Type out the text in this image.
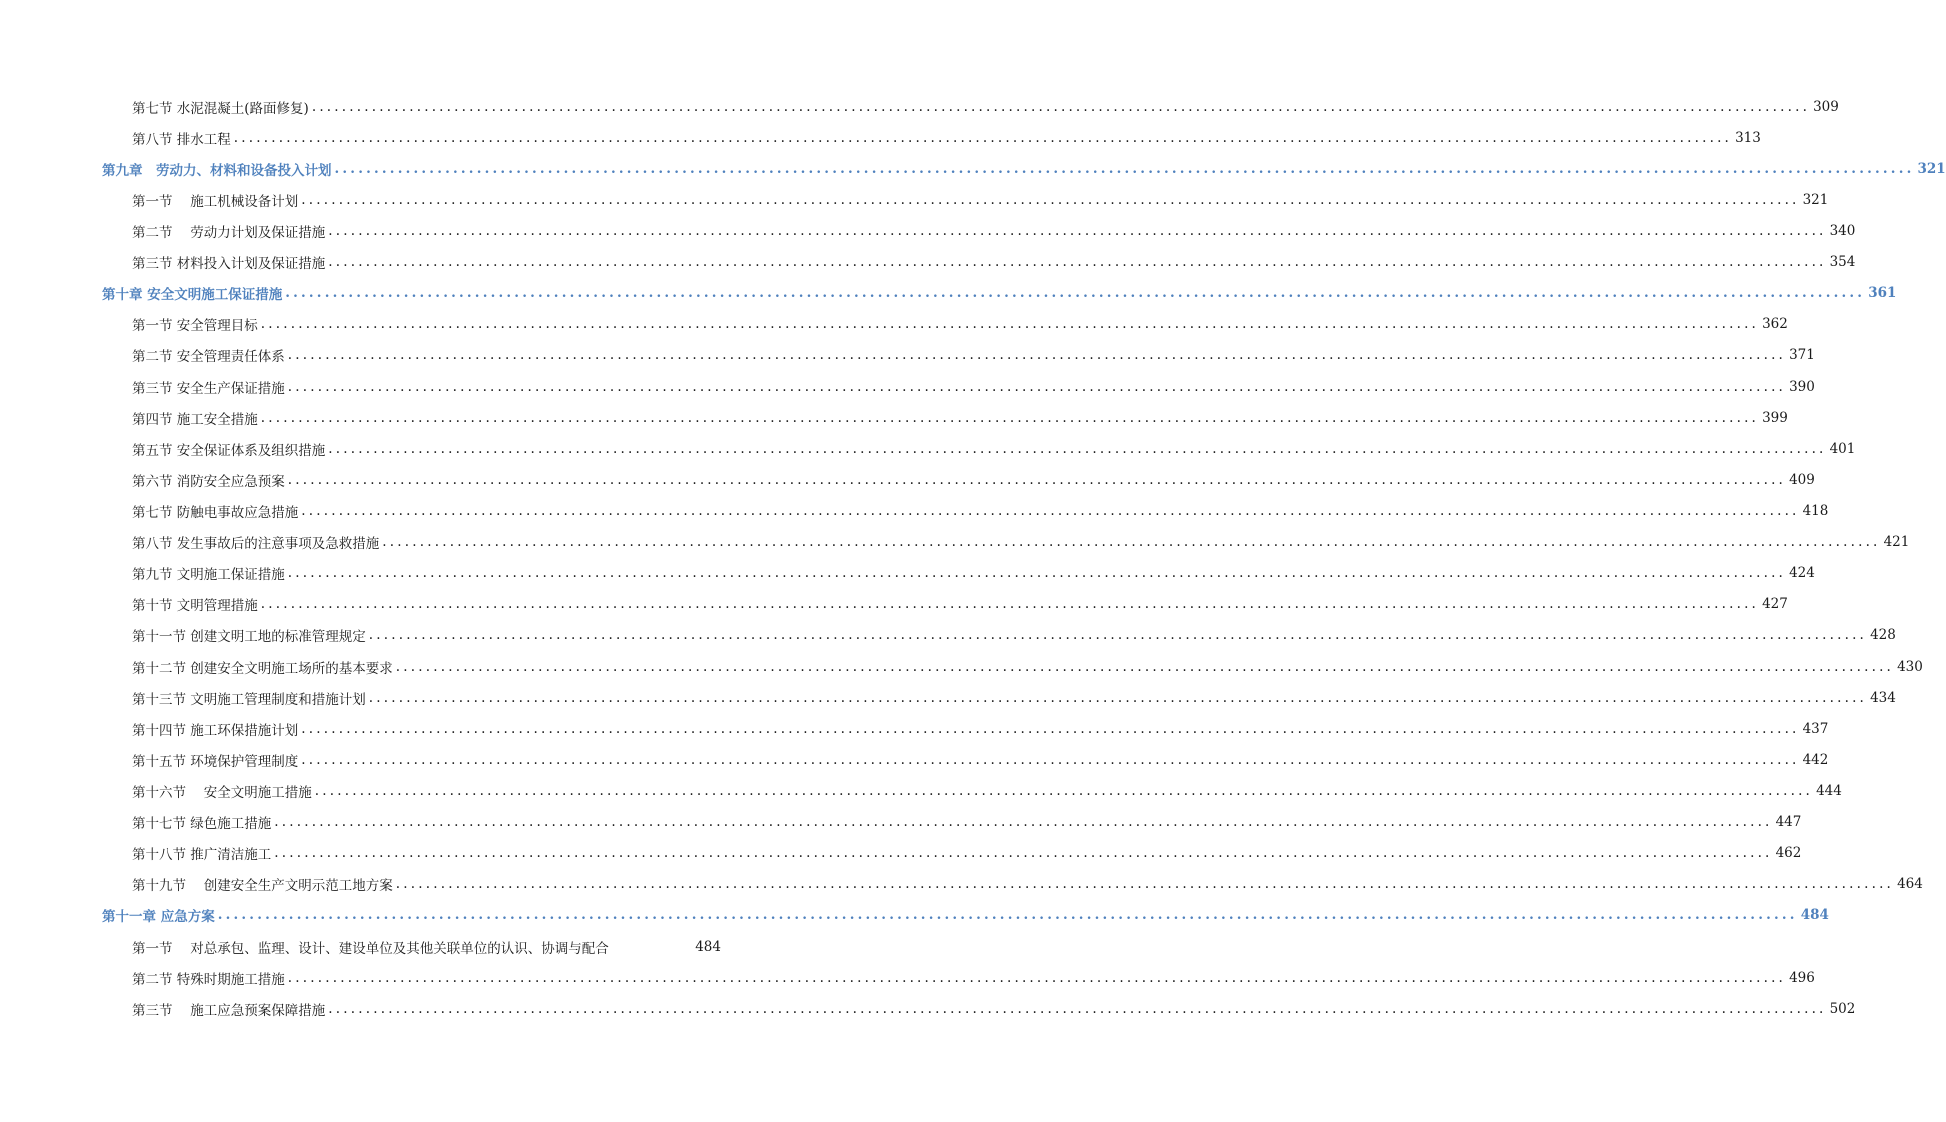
第七节 水泥混凝土(路面修复) ........................................................................................................................................................................................................ 309
第八节 排水工程 ........................................................................................................................................................................................................ 313
第九章　劳动力、材料和设备投入计划 ........................................................................................................................................................................................................ 321
第一节　 施工机械设备计划 ........................................................................................................................................................................................................ 321
第二节　 劳动力计划及保证措施 ........................................................................................................................................................................................................ 340
第三节 材料投入计划及保证措施 ........................................................................................................................................................................................................ 354
第十章 安全文明施工保证措施 ........................................................................................................................................................................................................ 361
第一节 安全管理目标 ........................................................................................................................................................................................................ 362
第二节 安全管理责任体系 ........................................................................................................................................................................................................ 371
第三节 安全生产保证措施 ........................................................................................................................................................................................................ 390
第四节 施工安全措施 ........................................................................................................................................................................................................ 399
第五节 安全保证体系及组织措施 ........................................................................................................................................................................................................ 401
第六节 消防安全应急预案 ........................................................................................................................................................................................................ 409
第七节 防触电事故应急措施 ........................................................................................................................................................................................................ 418
第八节 发生事故后的注意事项及急救措施 ........................................................................................................................................................................................................ 421
第九节 文明施工保证措施 ........................................................................................................................................................................................................ 424
第十节 文明管理措施 ........................................................................................................................................................................................................ 427
第十一节 创建文明工地的标准管理规定 ........................................................................................................................................................................................................ 428
第十二节 创建安全文明施工场所的基本要求 ........................................................................................................................................................................................................ 430
第十三节 文明施工管理制度和措施计划 ........................................................................................................................................................................................................ 434
第十四节 施工环保措施计划 ........................................................................................................................................................................................................ 437
第十五节 环境保护管理制度 ........................................................................................................................................................................................................ 442
第十六节　 安全文明施工措施 ........................................................................................................................................................................................................ 444
第十七节 绿色施工措施 ........................................................................................................................................................................................................ 447
第十八节 推广清洁施工 ........................................................................................................................................................................................................ 462
第十九节　 创建安全生产文明示范工地方案 ........................................................................................................................................................................................................ 464
第十一章 应急方案 ........................................................................................................................................................................................................ 484
第一节　 对总承包、监理、设计、建设单位及其他关联单位的认识、协调与配合	484
第二节 特殊时期施工措施 ........................................................................................................................................................................................................ 496
第三节　 施工应急预案保障措施 ........................................................................................................................................................................................................ 502
